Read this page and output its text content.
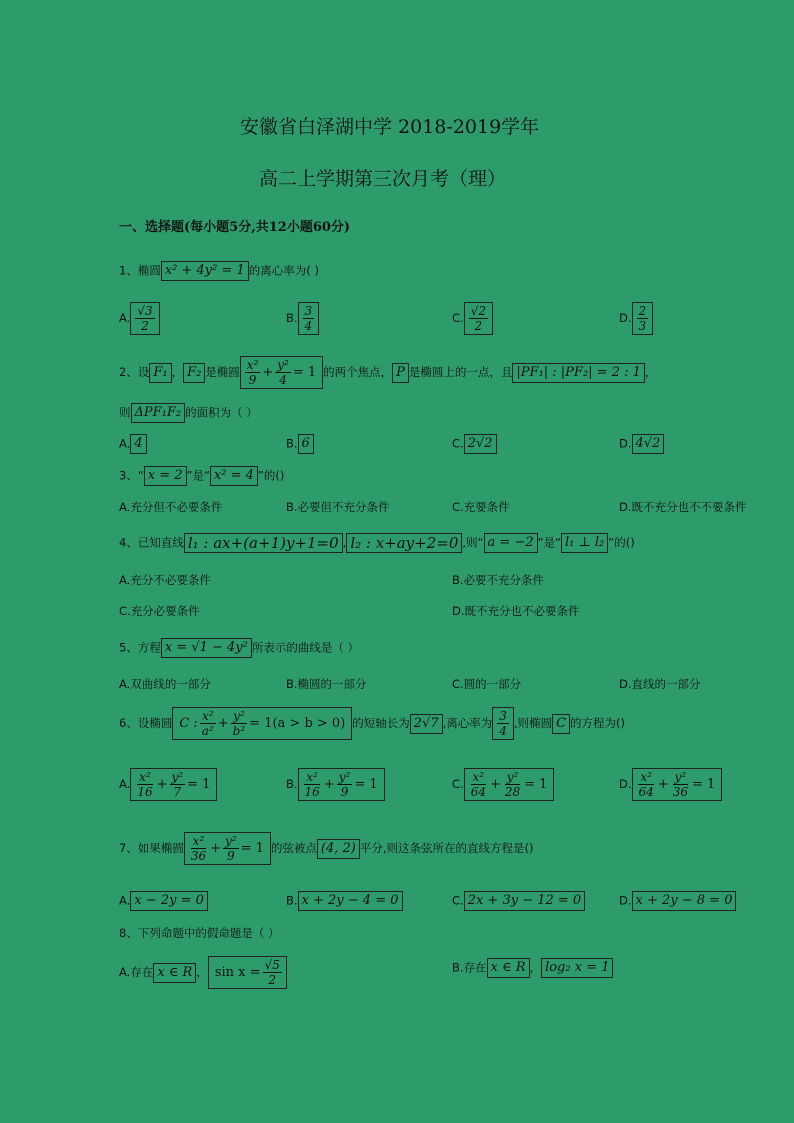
安徽省白泽湖中学 2018-2019学年
高二上学期第三次月考（理）
一、选择题(每小题5分,共12小题60分)
1、椭圆 x² + 4y² = 1 的离心率为( )
A. $\frac{√3}{2}$	B. $\frac{3}{4}$	C. $\frac{√2}{2}$	D. $\frac{2}{3}$
2、设 F₁ ， F₂ 是椭圆 $\frac{\text{x²}}{9} + \frac{\text{y²}}{4} = 1$ 的两个焦点， P 是椭圆上的一点，且 |PF₁| : |PF₂| = 2 : 1 ，
则 ΔPF₁F₂ 的面积为（ ）
A. 4	B. 6	C. 2√2	D. 4√2
3、“ x = 2 ”是“ x² = 4 ”的()
A.充分但不必要条件	B.必要但不充分条件	C.充要条件	D.既不充分也不不要条件
4、已知直线 l₁ : ax+(a+1)y+1=0 , l₂ : x+ay+2=0 ,则“ a = −2 ”是“ l₁ ⊥ l₂ ”的()
A.充分不必要条件	B.必要不充分条件
C.充分必要条件	D.既不充分也不必要条件
5、方程 x = √1 − 4y² 所表示的曲线是（ ）
A.双曲线的一部分	B.椭圆的一部分	C.圆的一部分	D.直线的一部分
6、设椭圆 C : $\frac{\text{x²}}{\text{a²}} + \frac{\text{y²}}{\text{b²}} = 1(a > b > 0)$ 的短轴长为 2√7 ,离心率为 $\frac{3}{4}$ ,则椭圆 C 的方程为()
A. $\frac{\text{x²}}{16} + \frac{\text{y²}}{7} = 1$	B. $\frac{\text{x²}}{16} + \frac{\text{y²}}{9} = 1$	C. $\frac{\text{x²}}{64} + \frac{\text{y²}}{28} = 1$	D. $\frac{\text{x²}}{64} + \frac{\text{y²}}{36} = 1$
7、如果椭圆 $\frac{\text{x²}}{36} + \frac{\text{y²}}{9} = 1$ 的弦被点 (4, 2) 平分,则这条弦所在的直线方程是()
A. x − 2y = 0	B. x + 2y − 4 = 0	C. 2x + 3y − 12 = 0	D. x + 2y − 8 = 0
8、下列命题中的假命题是（ ）
A.存在 x ∈ R ， $\sin x = \frac{√5}{2}$	B.存在 x ∈ R ， log₂ x = 1
